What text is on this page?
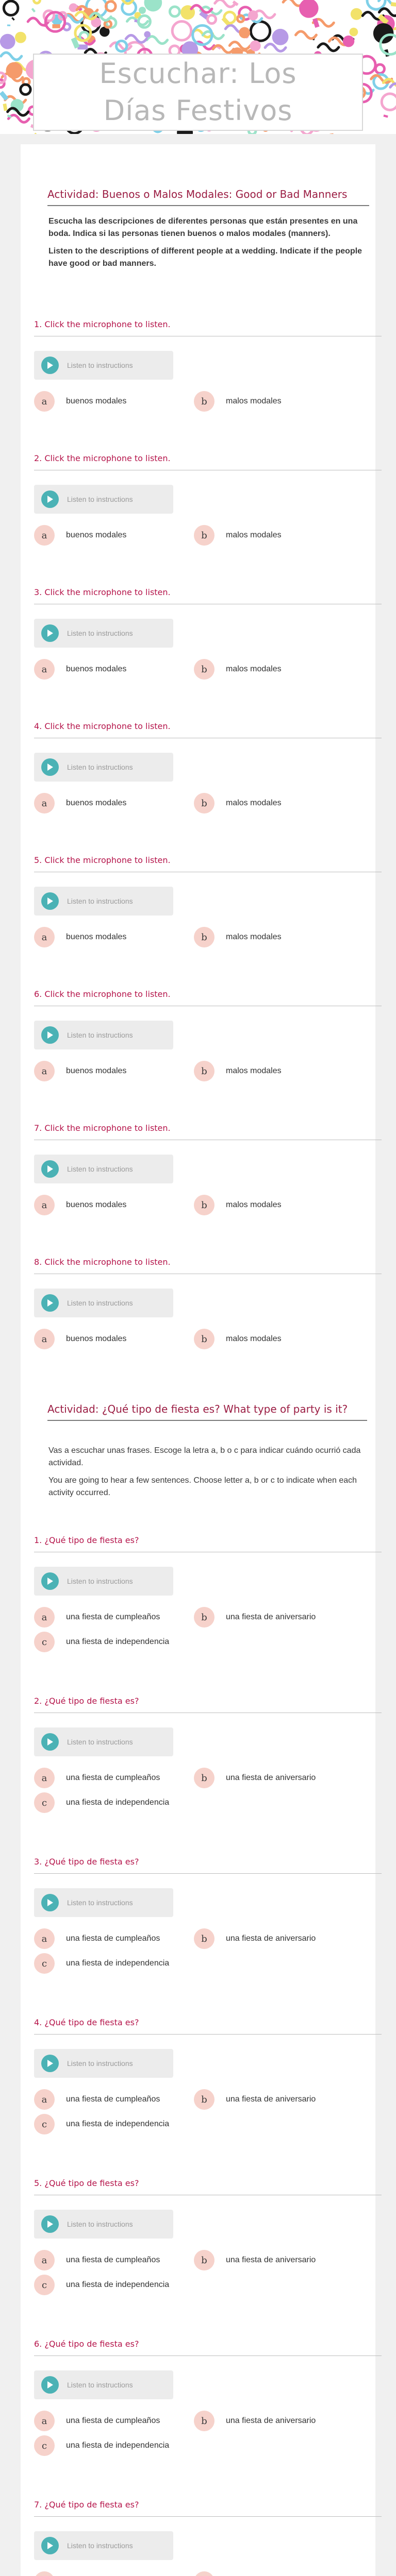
Escuchar: Los Días Festivos
Actividad: Buenos o Malos Modales: Good or Bad Manners

Escucha las descripciones de diferentes personas que están presentes en una boda. Indica si las personas tienen buenos o malos modales (manners).

Listen to the descriptions of different people at a wedding. Indicate if the people have good or bad manners.

1. Click the microphone to listen.
Listen to instructions
a	buenos modales	b	malos modales
2. Click the microphone to listen.
Listen to instructions
a	buenos modales	b	malos modales
3. Click the microphone to listen.
Listen to instructions
a	buenos modales	b	malos modales
4. Click the microphone to listen.
Listen to instructions
a	buenos modales	b	malos modales
5. Click the microphone to listen.
Listen to instructions
a	buenos modales	b	malos modales
6. Click the microphone to listen.
Listen to instructions
a	buenos modales	b	malos modales
7. Click the microphone to listen.
Listen to instructions
a	buenos modales	b	malos modales
8. Click the microphone to listen.
Listen to instructions
a	buenos modales	b	malos modales
Actividad: ¿Qué tipo de fiesta es? What type of party is it?

Vas a escuchar unas frases. Escoge la letra a, b o c para indicar cuándo ocurrió cada actividad.

You are going to hear a few sentences. Choose letter a, b or c to indicate when each activity occurred.

1. ¿Qué tipo de fiesta es?
Listen to instructions
a	una fiesta de cumpleaños	b	una fiesta de aniversario
c	una fiesta de independencia
2. ¿Qué tipo de fiesta es?
Listen to instructions
a	una fiesta de cumpleaños	b	una fiesta de aniversario
c	una fiesta de independencia
3. ¿Qué tipo de fiesta es?
Listen to instructions
a	una fiesta de cumpleaños	b	una fiesta de aniversario
c	una fiesta de independencia
4. ¿Qué tipo de fiesta es?
Listen to instructions
a	una fiesta de cumpleaños	b	una fiesta de aniversario
c	una fiesta de independencia
5. ¿Qué tipo de fiesta es?
Listen to instructions
a	una fiesta de cumpleaños	b	una fiesta de aniversario
c	una fiesta de independencia
6. ¿Qué tipo de fiesta es?
Listen to instructions
a	una fiesta de cumpleaños	b	una fiesta de aniversario
c	una fiesta de independencia
7. ¿Qué tipo de fiesta es?
Listen to instructions
